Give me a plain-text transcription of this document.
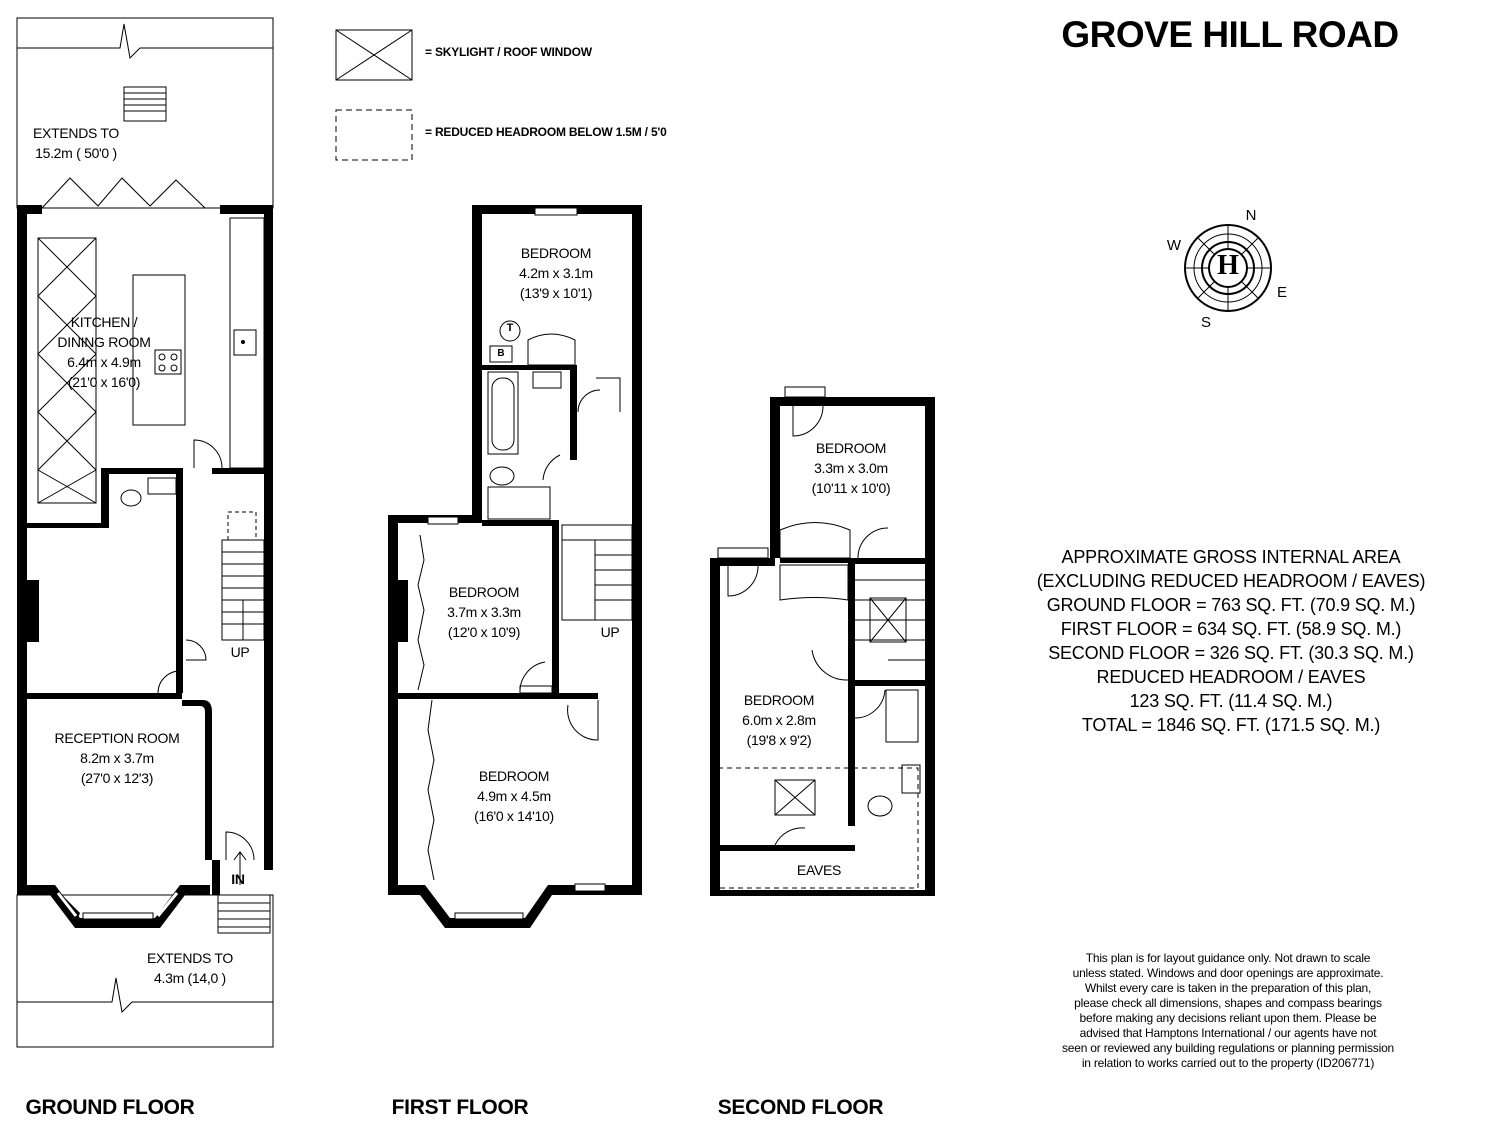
GROVE HILL ROAD
= SKYLIGHT / ROOF WINDOW
= REDUCED HEADROOM BELOW 1.5M / 5'0
N
E
S
W
H
EXTENDS TO
15.2m ( 50'0 )
KITCHEN /
DINING ROOM
6.4m x 4.9m
(21'0 x 16'0)
RECEPTION ROOM
8.2m x 3.7m
(27'0 x 12'3)
UP
IN
EXTENDS TO
4.3m (14,0 )
BEDROOM
4.2m x 3.1m
(13'9 x 10'1)
T
B
BEDROOM
3.7m x 3.3m
(12'0 x 10'9)	UP
BEDROOM
4.9m x 4.5m
(16'0 x 14'10)
BEDROOM
3.3m x 3.0m
(10'11 x 10'0)
BEDROOM
6.0m x 2.8m
(19'8 x 9'2)
EAVES
GROUND FLOOR	FIRST FLOOR	SECOND FLOOR
APPROXIMATE GROSS INTERNAL AREA
(EXCLUDING REDUCED HEADROOM / EAVES)
GROUND FLOOR = 763 SQ. FT. (70.9 SQ. M.)
FIRST FLOOR = 634 SQ. FT. (58.9 SQ. M.)
SECOND FLOOR = 326 SQ. FT. (30.3 SQ. M.)
REDUCED HEADROOM / EAVES
123 SQ. FT. (11.4 SQ. M.)
TOTAL = 1846 SQ. FT. (171.5 SQ. M.)
This plan is for layout guidance only. Not drawn to scale
unless stated. Windows and door openings are approximate.
Whilst every care is taken in the preparation of this plan,
please check all dimensions, shapes and compass bearings
before making any decisions reliant upon them. Please be
advised that Hamptons International / our agents have not
seen or reviewed any building regulations or planning permission
in relation to works carried out to the property (ID206771)
